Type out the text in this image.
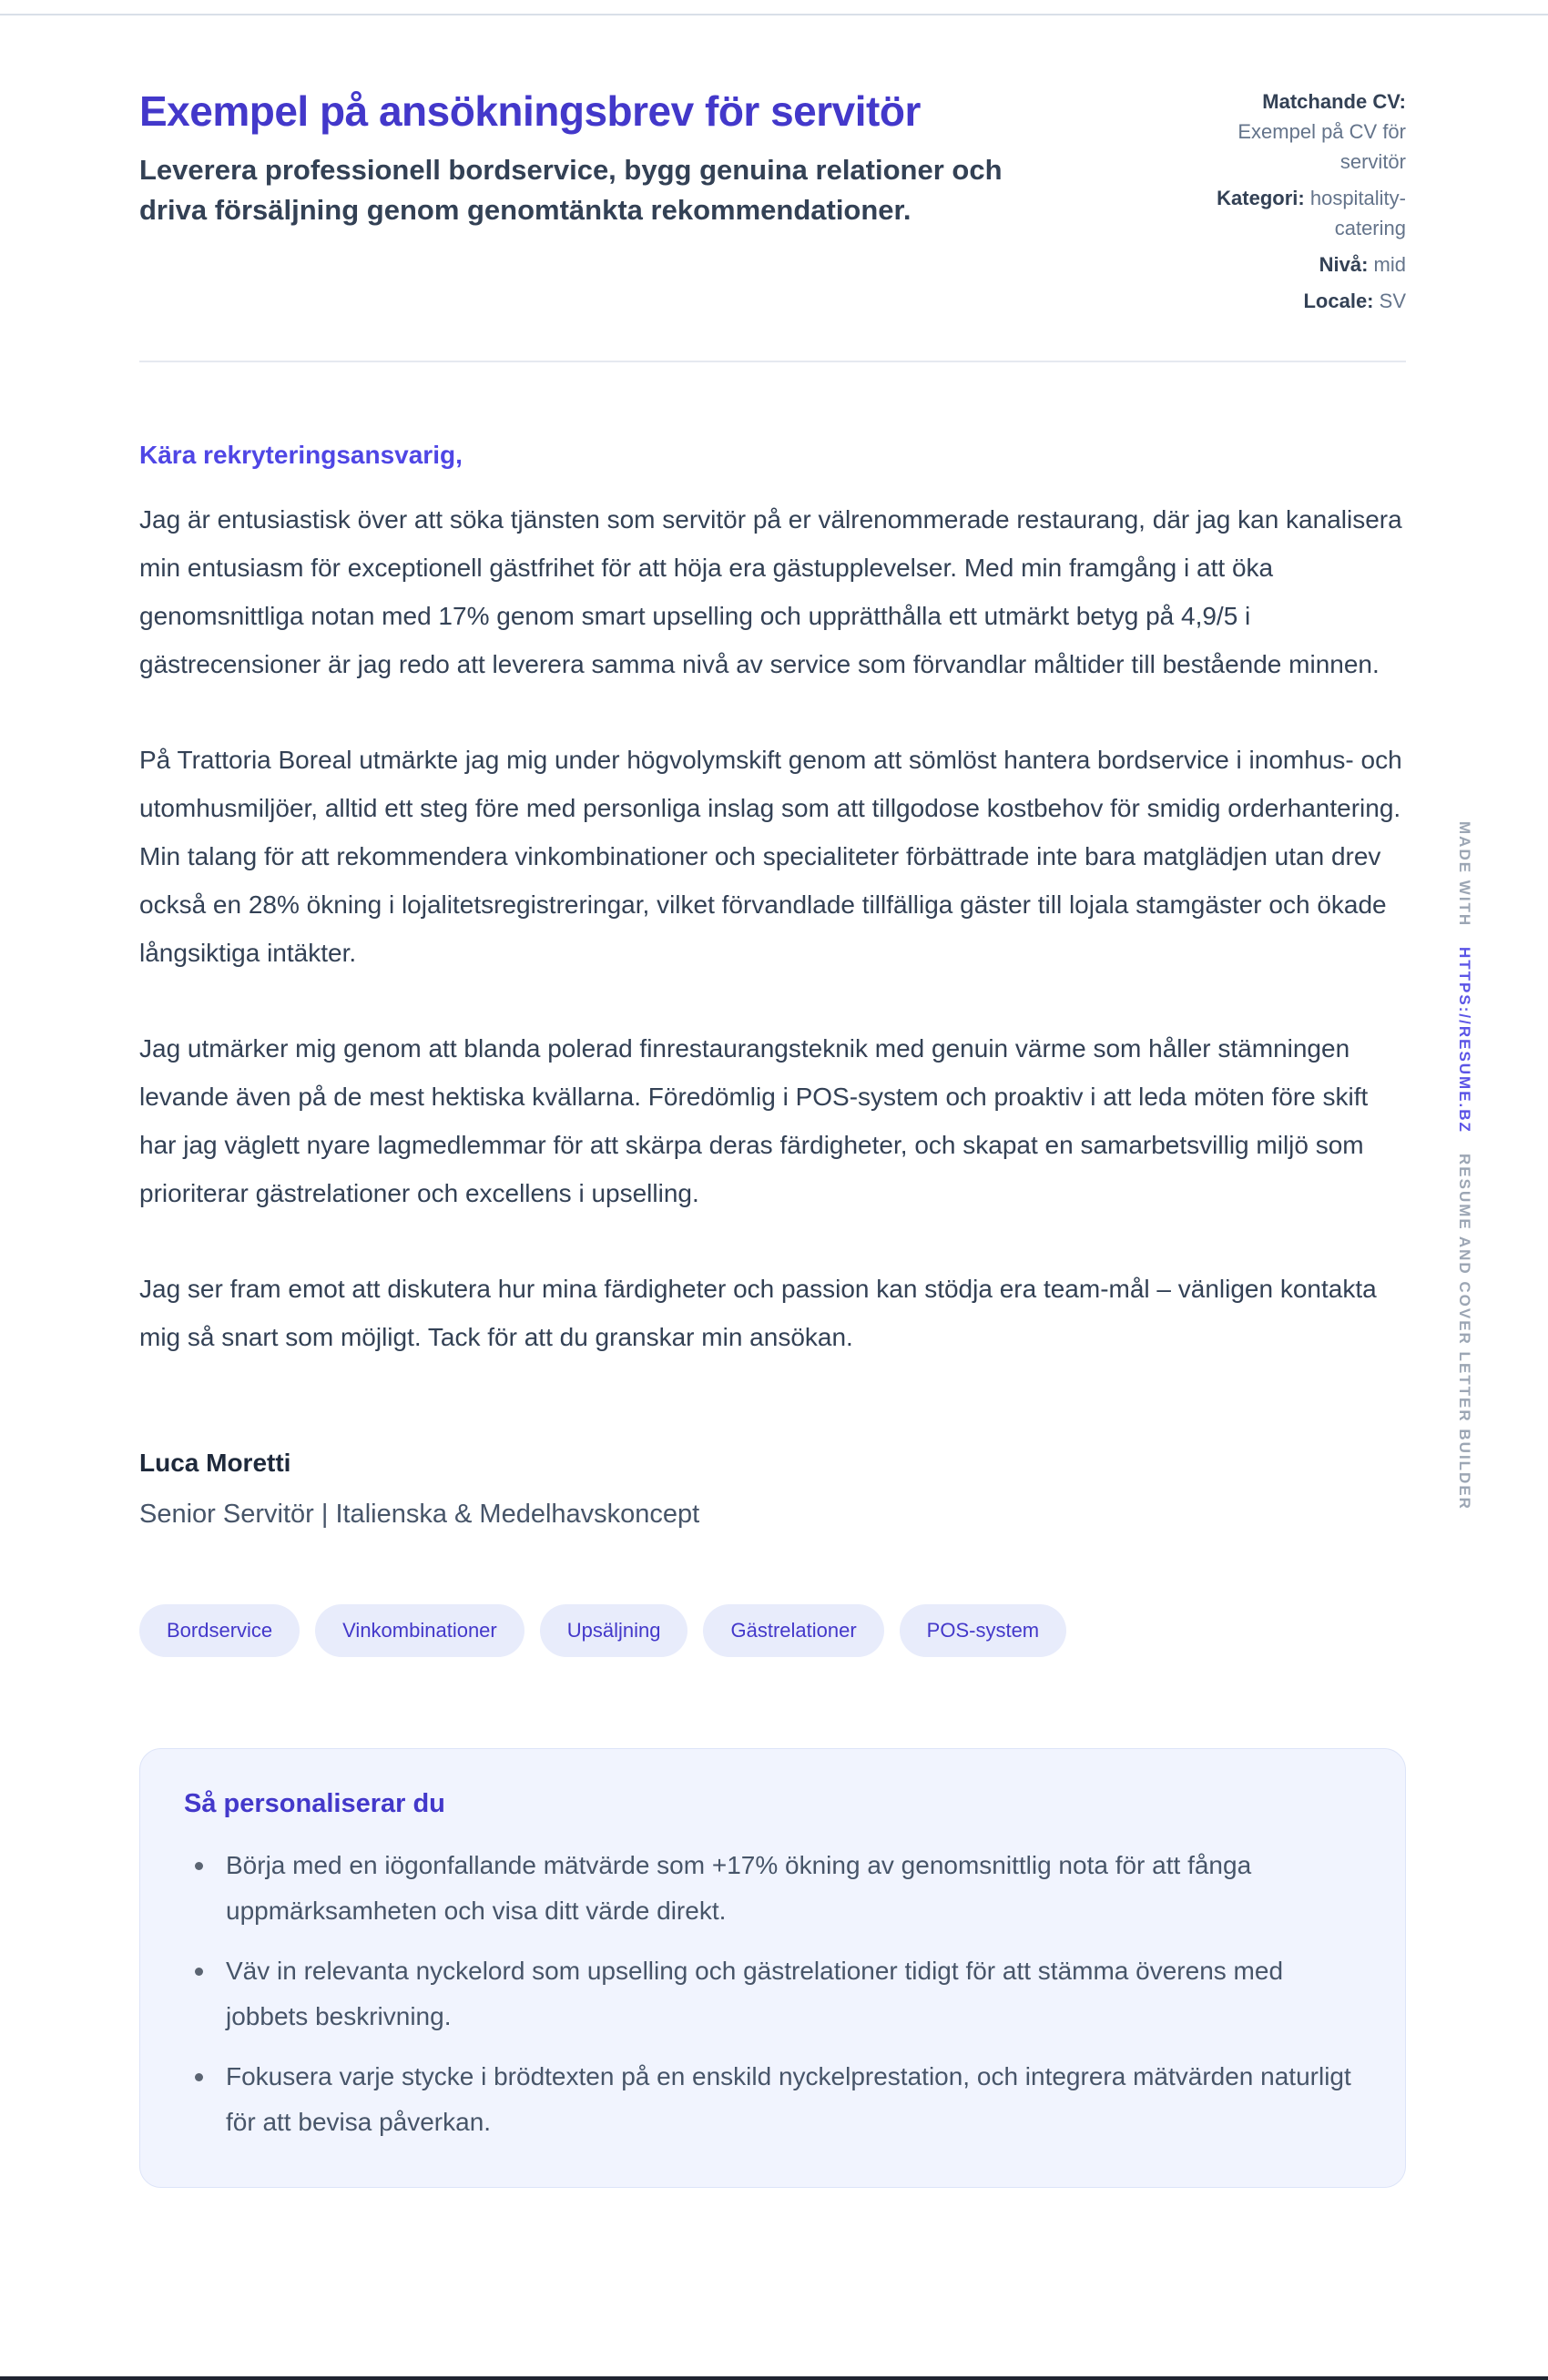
Exempel på ansökningsbrev för servitör

Leverera professionell bordservice, bygg genuina relationer och driva försäljning genom genomtänkta rekommendationer.

Matchande CV:
Exempel på CV för servitör
Kategori: hospitality-catering
Nivå: mid
Locale: SV

Kära rekryteringsansvarig,

Jag är entusiastisk över att söka tjänsten som servitör på er välrenommerade restaurang, där jag kan kanalisera min entusiasm för exceptionell gästfrihet för att höja era gästupplevelser. Med min framgång i att öka genomsnittliga notan med 17% genom smart upselling och upprätthålla ett utmärkt betyg på 4,9/5 i gästrecensioner är jag redo att leverera samma nivå av service som förvandlar måltider till bestående minnen.

På Trattoria Boreal utmärkte jag mig under högvolymskift genom att sömlöst hantera bordservice i inomhus- och utomhusmiljöer, alltid ett steg före med personliga inslag som att tillgodose kostbehov för smidig orderhantering. Min talang för att rekommendera vinkombinationer och specialiteter förbättrade inte bara matglädjen utan drev också en 28% ökning i lojalitetsregistreringar, vilket förvandlade tillfälliga gäster till lojala stamgäster och ökade långsiktiga intäkter.

Jag utmärker mig genom att blanda polerad finrestaurangsteknik med genuin värme som håller stämningen levande även på de mest hektiska kvällarna. Föredömlig i POS-system och proaktiv i att leda möten före skift har jag väglett nyare lagmedlemmar för att skärpa deras färdigheter, och skapat en samarbetsvillig miljö som prioriterar gästrelationer och excellens i upselling.

Jag ser fram emot att diskutera hur mina färdigheter och passion kan stödja era team-mål – vänligen kontakta mig så snart som möjligt. Tack för att du granskar min ansökan.

Luca Moretti

Senior Servitör | Italienska & Medelhavskoncept

Bordservice	Vinkombinationer	Upsäljning	Gästrelationer	POS-system
Så personaliserar du
Börja med en iögonfallande mätvärde som +17% ökning av genomsnittlig nota för att fånga uppmärksamheten och visa ditt värde direkt.
Väv in relevanta nyckelord som upselling och gästrelationer tidigt för att stämma överens med jobbets beskrivning.
Fokusera varje stycke i brödtexten på en enskild nyckelprestation, och integrera mätvärden naturligt för att bevisa påverkan.
MADE WITH
HTTPS://RESUME.BZ
RESUME AND COVER LETTER BUILDER
